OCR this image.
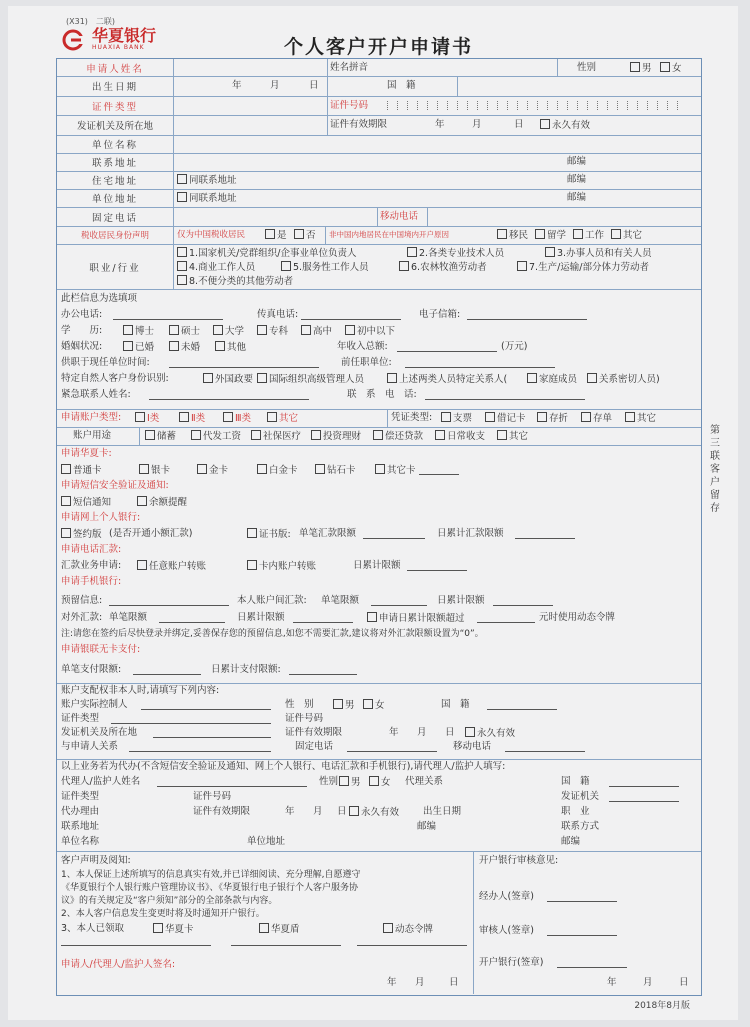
(X31)　二联)
华夏银行
HUAXIA BANK	个人客户开户申请书
申请人姓名	姓名拼音	性别	男	女
出生日期	年	月	日	国　籍
证件类型	证件号码
发证机关及所在地	证件有效期限	年	月	日	永久有效
单位名称
联系地址	邮编
住宅地址	同联系地址	邮编
单位地址	同联系地址	邮编
固定电话	移动电话
税收居民身份声明	仅为中国税收居民	是	否 非中国内地居民在中国境内开户原因	移民	留学	工作	其它
职业/行业
1.国家机关/党群组织/企事业单位负责人	2.各类专业技术人员	3.办事人员和有关人员
4.商业工作人员	5.服务性工作人员	6.农林牧渔劳动者	7.生产/运输/部分体力劳动者
8.不便分类的其他劳动者
此栏信息为选填项
办公电话:	传真电话:	电子信箱:
学　　历:	博士	硕士	大学	专科	高中	初中以下
婚姻状况:	已婚	未婚	其他	年收入总额:	(万元)
供职于现任单位时间:	前任职单位:
特定自然人客户身份识别:	外国政要	国际组织高级管理人员	上述两类人员特定关系人(	家庭成员	关系密切人员)
紧急联系人姓名:	联　系　电　话:
申请账户类型:	Ⅰ类	Ⅱ类	Ⅲ类	其它	凭证类型:	支票	借记卡	存折	存单	其它
账户用途	储蓄	代发工资	社保医疗	投资理财	偿还贷款	日常收支	其它
申请华夏卡:
普通卡	银卡	金卡	白金卡	钻石卡	其它卡
申请短信安全验证及通知:
短信通知	余额提醒
申请网上个人银行:
签约版 (是否开通小额汇款)	证书版: 单笔汇款限额	日累计汇款限额
申请电话汇款:
汇款业务申请:	任意账户转账	卡内账户转账	日累计限额
申请手机银行:
预留信息:	本人账户间汇款: 单笔限额	日累计限额
对外汇款: 单笔限额	日累计限额	申请日累计限额超过	元时使用动态令牌
注:请您在签约后尽快登录并绑定,妥善保存您的预留信息,如您不需要汇款,建议将对外汇款限额设置为“0”。
申请银联无卡支付:
单笔支付限额:	日累计支付限额:
账户支配权非本人时,请填写下列内容:
账户实际控制人	性　别	男	女	国　籍
证件类型	证件号码
发证机关及所在地	证件有效期限	年 月 日	永久有效
与申请人关系	固定电话	移动电话
以上业务若为代办(不含短信安全验证及通知、网上个人银行、电话汇款和手机银行),请代理人/监护人填写:
代理人/监护人姓名	性别	男	女 代理关系	国　籍
证件类型	证件号码	发证机关
代办理由	证件有效期限	年 月 日	永久有效	出生日期	职　业
联系地址	邮编	联系方式
单位名称	单位地址	邮编
客户声明及阅知:
1、本人保证上述所填写的信息真实有效,并已详细阅读、充分理解,自愿遵守
《华夏银行个人银行账户管理协议书》、《华夏银行电子银行个人客户服务协
议》的有关规定及“客户须知”部分的全部条款与内容。
2、本人客户信息发生变更时将及时通知开户银行。
3、本人已领取	华夏卡	华夏盾	动态令牌
申请人/代理人/监护人签名:
年 月	日
开户银行审核意见:
经办人(签章)
审核人(签章)
开户银行(签章)
年	月	日
第三联　客户留存
2018年8月版
